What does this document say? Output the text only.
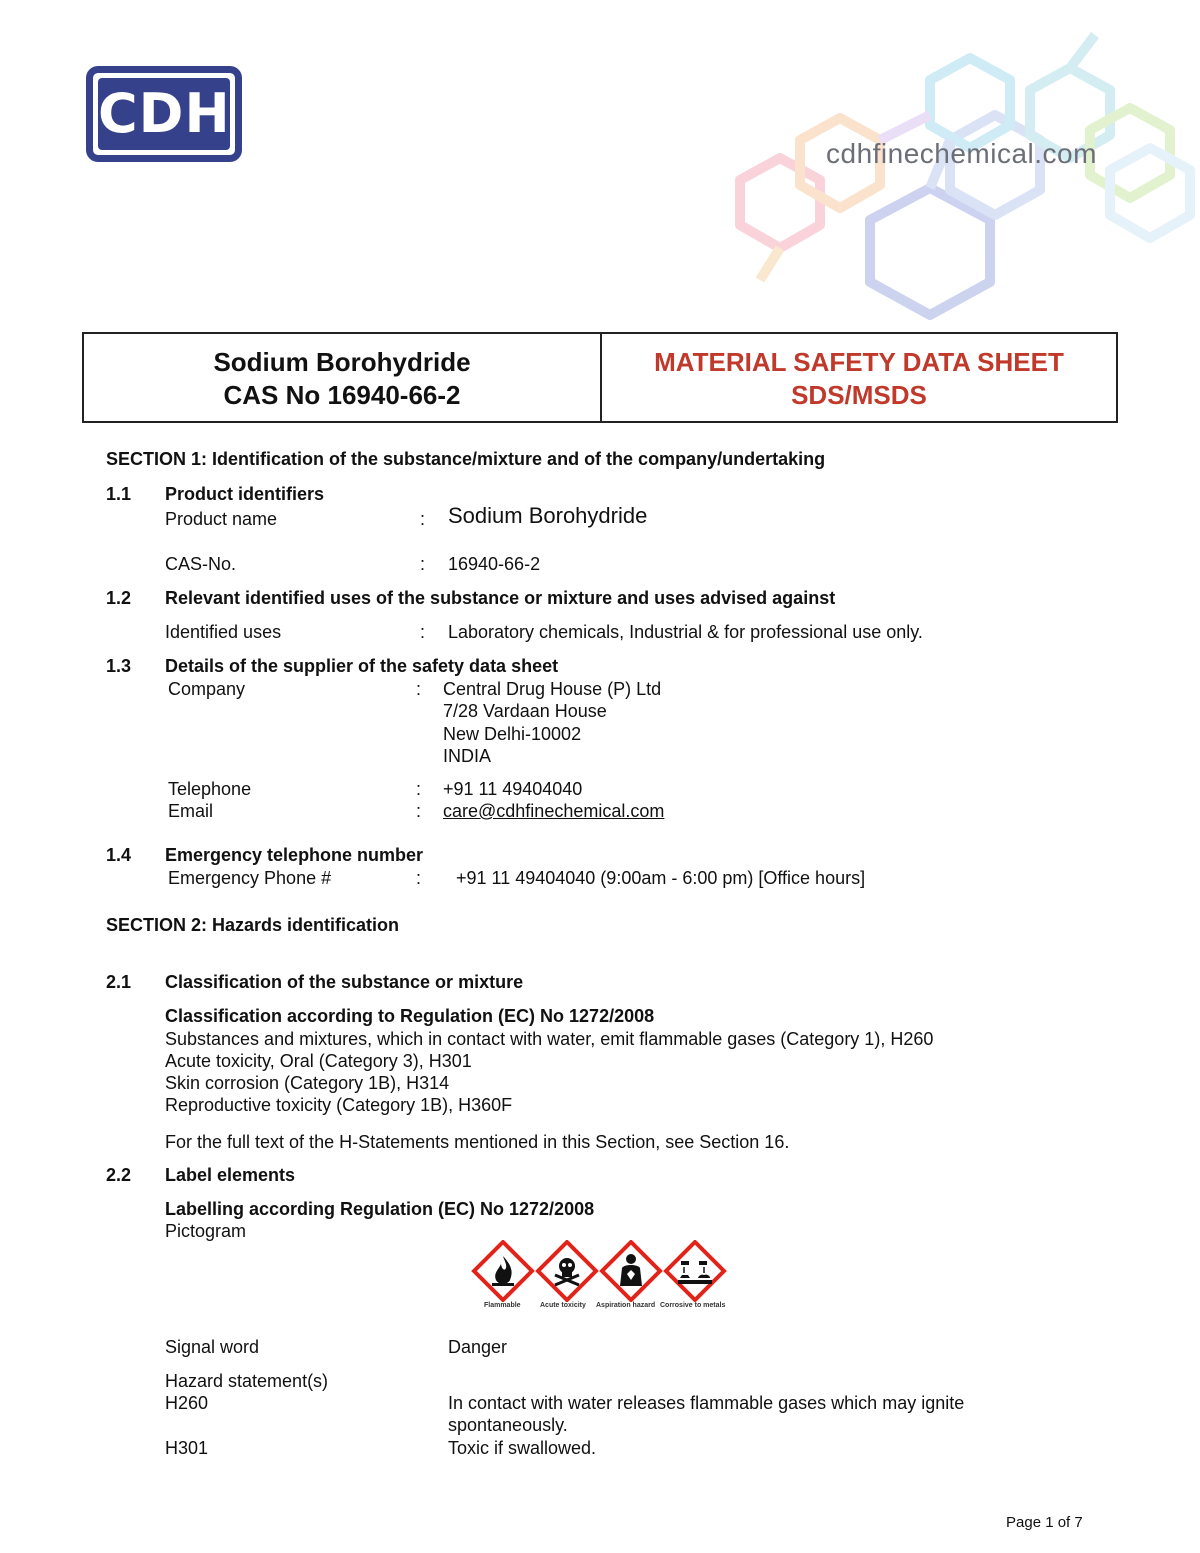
CDH
cdhfinechemical.com
Sodium Borohydride
CAS No 16940-66-2
MATERIAL SAFETY DATA SHEET
SDS/MSDS
SECTION 1: Identification of the substance/mixture and of the company/undertaking
1.1 Product identifiers
Product name	: Sodium Borohydride
CAS-No.	: 16940-66-2
1.2 Relevant identified uses of the substance or mixture and uses advised against
Identified uses	: Laboratory chemicals, Industrial & for professional use only.
1.3 Details of the supplier of the safety data sheet
Company	: Central Drug House (P) Ltd
7/28 Vardaan House
New Delhi-10002
INDIA
Telephone	: +91 11 49404040
Email	: care@cdhfinechemical.com
1.4 Emergency telephone number
Emergency Phone #	: +91 11 49404040 (9:00am - 6:00 pm) [Office hours]
SECTION 2: Hazards identification
2.1 Classification of the substance or mixture
Classification according to Regulation (EC) No 1272/2008
Substances and mixtures, which in contact with water, emit flammable gases (Category 1), H260
Acute toxicity, Oral (Category 3), H301
Skin corrosion (Category 1B), H314
Reproductive toxicity (Category 1B), H360F
For the full text of the H-Statements mentioned in this Section, see Section 16.
2.2 Label elements
Labelling according Regulation (EC) No 1272/2008
Pictogram
Flammable	Acute toxicity Aspiration hazard Corrosive to metals
Signal word	Danger
Hazard statement(s)
H260	In contact with water releases flammable gases which may ignite
spontaneously.
H301	Toxic if swallowed.
Page 1 of 7
